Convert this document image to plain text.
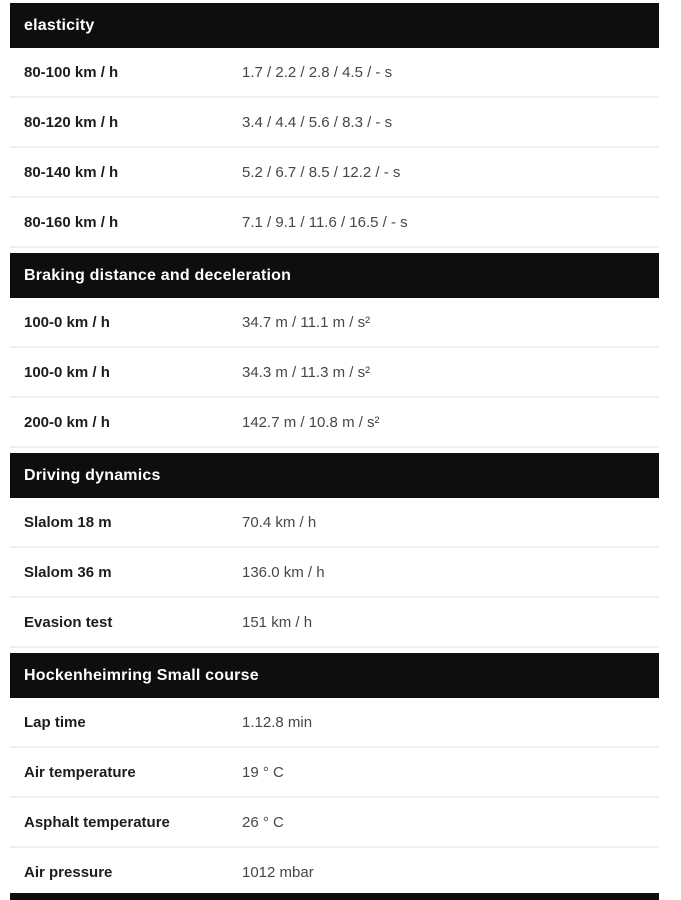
elasticity
80-100 km / h	1.7 / 2.2 / 2.8 / 4.5 / - s
80-120 km / h	3.4 / 4.4 / 5.6 / 8.3 / - s
80-140 km / h	5.2 / 6.7 / 8.5 / 12.2 / - s
80-160 km / h	7.1 / 9.1 / 11.6 / 16.5 / - s
Braking distance and deceleration
100-0 km / h	34.7 m / 11.1 m / s²
100-0 km / h	34.3 m / 11.3 m / s²
200-0 km / h	142.7 m / 10.8 m / s²
Driving dynamics
Slalom 18 m	70.4 km / h
Slalom 36 m	136.0 km / h
Evasion test	151 km / h
Hockenheimring Small course
Lap time	1.12.8 min
Air temperature	19 ° C
Asphalt temperature	26 ° C
Air pressure	1012 mbar
